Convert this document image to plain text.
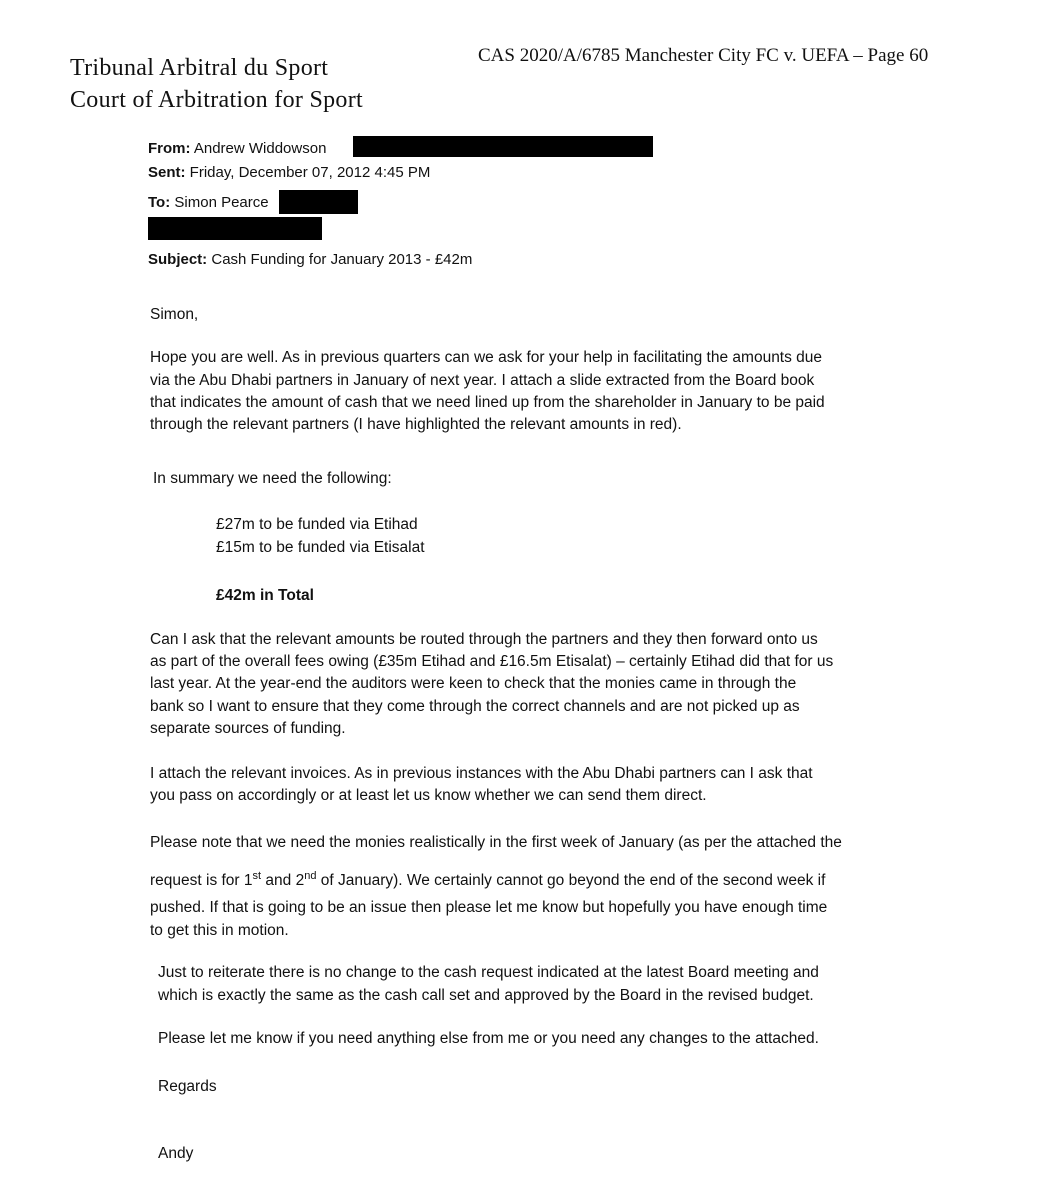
Tribunal Arbitral du Sport
Court of Arbitration for Sport
CAS 2020/A/6785 Manchester City FC v. UEFA – Page 60
From: Andrew Widdowson
Sent: Friday, December 07, 2012 4:45 PM
To: Simon Pearce
Subject: Cash Funding for January 2013 - £42m
Simon,
Hope you are well. As in previous quarters can we ask for your help in facilitating the amounts due
via the Abu Dhabi partners in January of next year. I attach a slide extracted from the Board book
that indicates the amount of cash that we need lined up from the shareholder in January to be paid
through the relevant partners (I have highlighted the relevant amounts in red).
In summary we need the following:
£27m to be funded via Etihad
£15m to be funded via Etisalat
£42m in Total
Can I ask that the relevant amounts be routed through the partners and they then forward onto us
as part of the overall fees owing (£35m Etihad and £16.5m Etisalat) – certainly Etihad did that for us
last year. At the year-end the auditors were keen to check that the monies came in through the
bank so I want to ensure that they come through the correct channels and are not picked up as
separate sources of funding.
I attach the relevant invoices. As in previous instances with the Abu Dhabi partners can I ask that
you pass on accordingly or at least let us know whether we can send them direct.
Please note that we need the monies realistically in the first week of January (as per the attached the
request is for 1st and 2nd of January). We certainly cannot go beyond the end of the second week if
pushed. If that is going to be an issue then please let me know but hopefully you have enough time
to get this in motion.
Just to reiterate there is no change to the cash request indicated at the latest Board meeting and
which is exactly the same as the cash call set and approved by the Board in the revised budget.
Please let me know if you need anything else from me or you need any changes to the attached.
Regards
Andy
